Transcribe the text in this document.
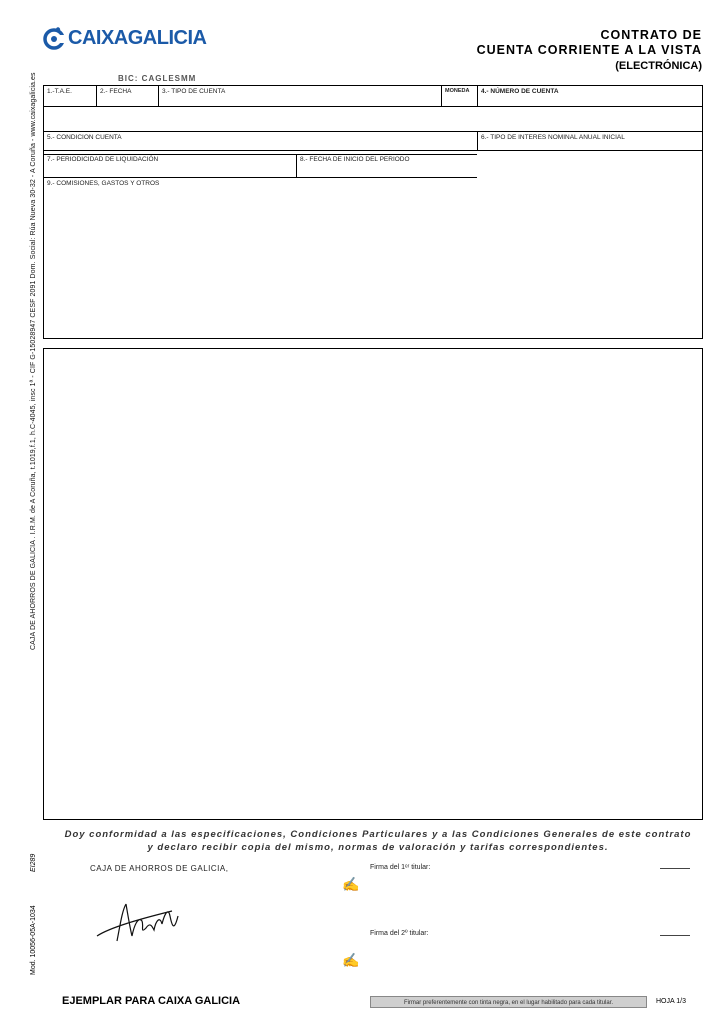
CAJA DE AHORROS DE GALICIA . I.R.M. de A Coruña, t.1019,f.1, h.C-4045, insc 1ª - CIF G-15028947 CESF 2091 Dom. Social: Rúa Nueva 30-32 - A Coruña - www.caixagalicia.es
CAIXAGALICIA	CONTRATO DE
CUENTA CORRIENTE A LA VISTA
(ELECTRÓNICA)
BIC: CAGLESMM
1.-T.A.E.	2.- FECHA	3.- TIPO DE CUENTA	MONEDA	4.- NÚMERO DE CUENTA
5.- CONDICION CUENTA	6.- TIPO DE INTERES NOMINAL ANUAL INICIAL
7.- PERIODICIDAD DE LIQUIDACIÓN	8.- FECHA DE INICIO DEL PERIODO
9.- COMISIONES, GASTOS Y OTROS
Doy conformidad a las especificaciones, Condiciones Particulares y a las Condiciones Generales de este contrato y declaro recibir copia del mismo, normas de valoración y tarifas correspondientes.
EI289
Mod. 10056-05A-1034
CAJA DE AHORROS DE GALICIA,	Firma del 1ᵉʳ titular:
✍
Firma del 2º titular:
✍
EJEMPLAR PARA CAIXA GALICIA	Firmar preferentemente con tinta negra, en el lugar habilitado para cada titular.	HOJA 1/3
